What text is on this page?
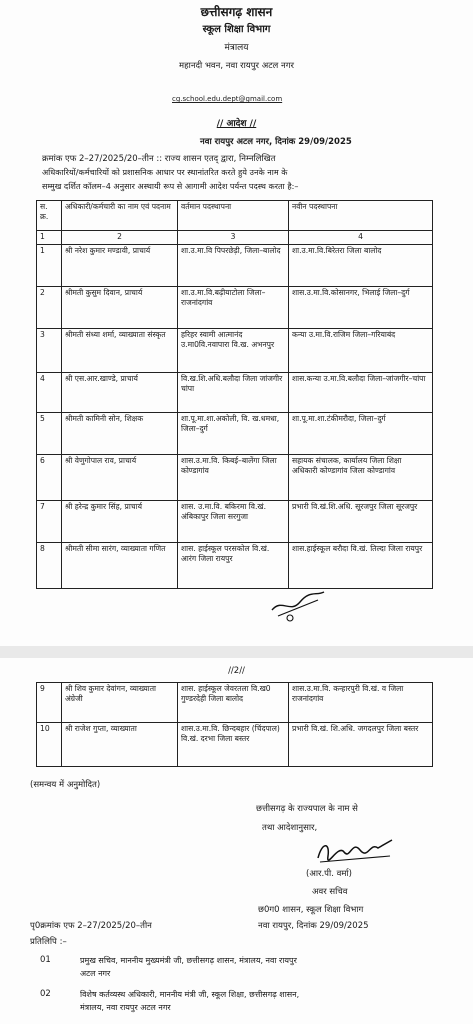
छत्तीसगढ़ शासन
स्कूल शिक्षा विभाग
मंत्रालय
महानदी भवन, नवा रायपुर अटल नगर
cg.school.edu.dept@gmail.com
// आदेश //
नवा रायपुर अटल नगर, दिनांक 29/09/2025
क्रमांक एफ 2–27/2025/20–तीन :: राज्य शासन एतद् द्वारा, निम्नलिखित
अधिकारियों/कर्मचारियों को प्रशासनिक आधार पर स्थानांतरित करते हुये उनके नाम के
सम्मुख दर्शित कॉलम–4 अनुसार अस्थायी रूप से आगामी आदेश पर्यन्त पदस्थ करता है:–
स. क्र.	अधिकारी/कर्मचारी का नाम एवं पदनाम	वर्तमान पदस्थापना	नवीन पदस्थापना
1	2	3	4
1	श्री नरेश कुमार मण्डावी, प्राचार्य	शा.उ.मा.वि पिपरछेड़ी, जिला–बालोद	शा.उ.मा.वि.बिरेतरा जिला बालोद
2	श्रीमती कुसुम दिवान, प्राचार्य	शा.उ.मा.वि.बढ़ीयाटोला जिला–राजनांदगांव	शास.उ.मा.वि.कोसानगर, भिलाई जिला–दुर्ग
3	श्रीमती संध्या शर्मा, व्याख्याता संस्कृत	हरिहर स्वामी आत्मानंद उ.मा0वि.नवापारा वि.ख. अभनपुर	कन्या उ.मा.वि.राजिम जिला–गरियाबंद
4	श्री एस.आर.खाण्डे, प्राचार्य	वि.ख.शि.अधि.बलौदा जिला जांजगीर चांपा	शास.कन्या उ.मा.वि.बलौदा जिला–जांजगीर–चांपा
5	श्रीमती कामिनी सोन, शिक्षक	शा.पू.मा.शा.अकोली, वि. ख.धमधा, जिला–दुर्ग	शा.पू.मा.शा.टंकीमरौदा, जिला–दुर्ग
6	श्री वेणुगोपाल राव, प्राचार्य	शास.उ.मा.वि. किबई–बालेंगा जिला कोण्डागांव	सहायक संचालक, कार्यालय जिला शिक्षा अधिकारी कोण्डागांव जिला कोण्डागांव
7	श्री हरेन्द्र कुमार सिंह, प्राचार्य	शास. उ.मा.वि. बकिरमा वि.खं. अंबिकापुर जिला सरगुजा	प्रभारी वि.खं.शि.अधि. सूरजपुर जिला सूरजपुर
8	श्रीमती सीमा सारंग, व्याख्याता गणित	शास. हाईस्कूल परसकोल वि.खं. आरंग जिला रायपुर	शास.हाईस्कूल बरौदा वि.खं. तिल्दा जिला रायपुर
//2//
9	श्री शिव कुमार देवांगन, व्याख्याता अंग्रेजी	शास. हाईस्कूल जेवरतला वि.ख0 गुण्डरदेही जिला बालोद	शास.उ.मा.वि. कन्हारपुरी वि.खं. व जिला राजनांदगांव
10	श्री राजेश गुप्ता, व्याख्याता	शास.उ.मा.वि. छिन्दबहार (चिंदपाल) वि.खं. दरभा जिला बस्तर	प्रभारी वि.खं. शि.अधि. जगदलपुर जिला बस्तर
(समन्वय में अनुमोदित)
छत्तीसगढ़ के राज्यपाल के नाम से
तथा आदेशानुसार,
(आर.पी. वर्मा)
अवर सचिव
छ0ग0 शासन, स्कूल शिक्षा विभाग
पृ0क्रमांक एफ 2–27/2025/20–तीन	नवा रायपुर, दिनांक 29/09/2025
प्रतिलिपि :–
01	प्रमुख सचिव, माननीय मुख्यमंत्री जी, छत्तीसगढ़ शासन, मंत्रालय, नवा रायपुर
अटल नगर
02	विशेष कर्तव्यस्थ अधिकारी, माननीय मंत्री जी, स्कूल शिक्षा, छत्तीसगढ़ शासन,
मंत्रालय, नवा रायपुर अटल नगर
